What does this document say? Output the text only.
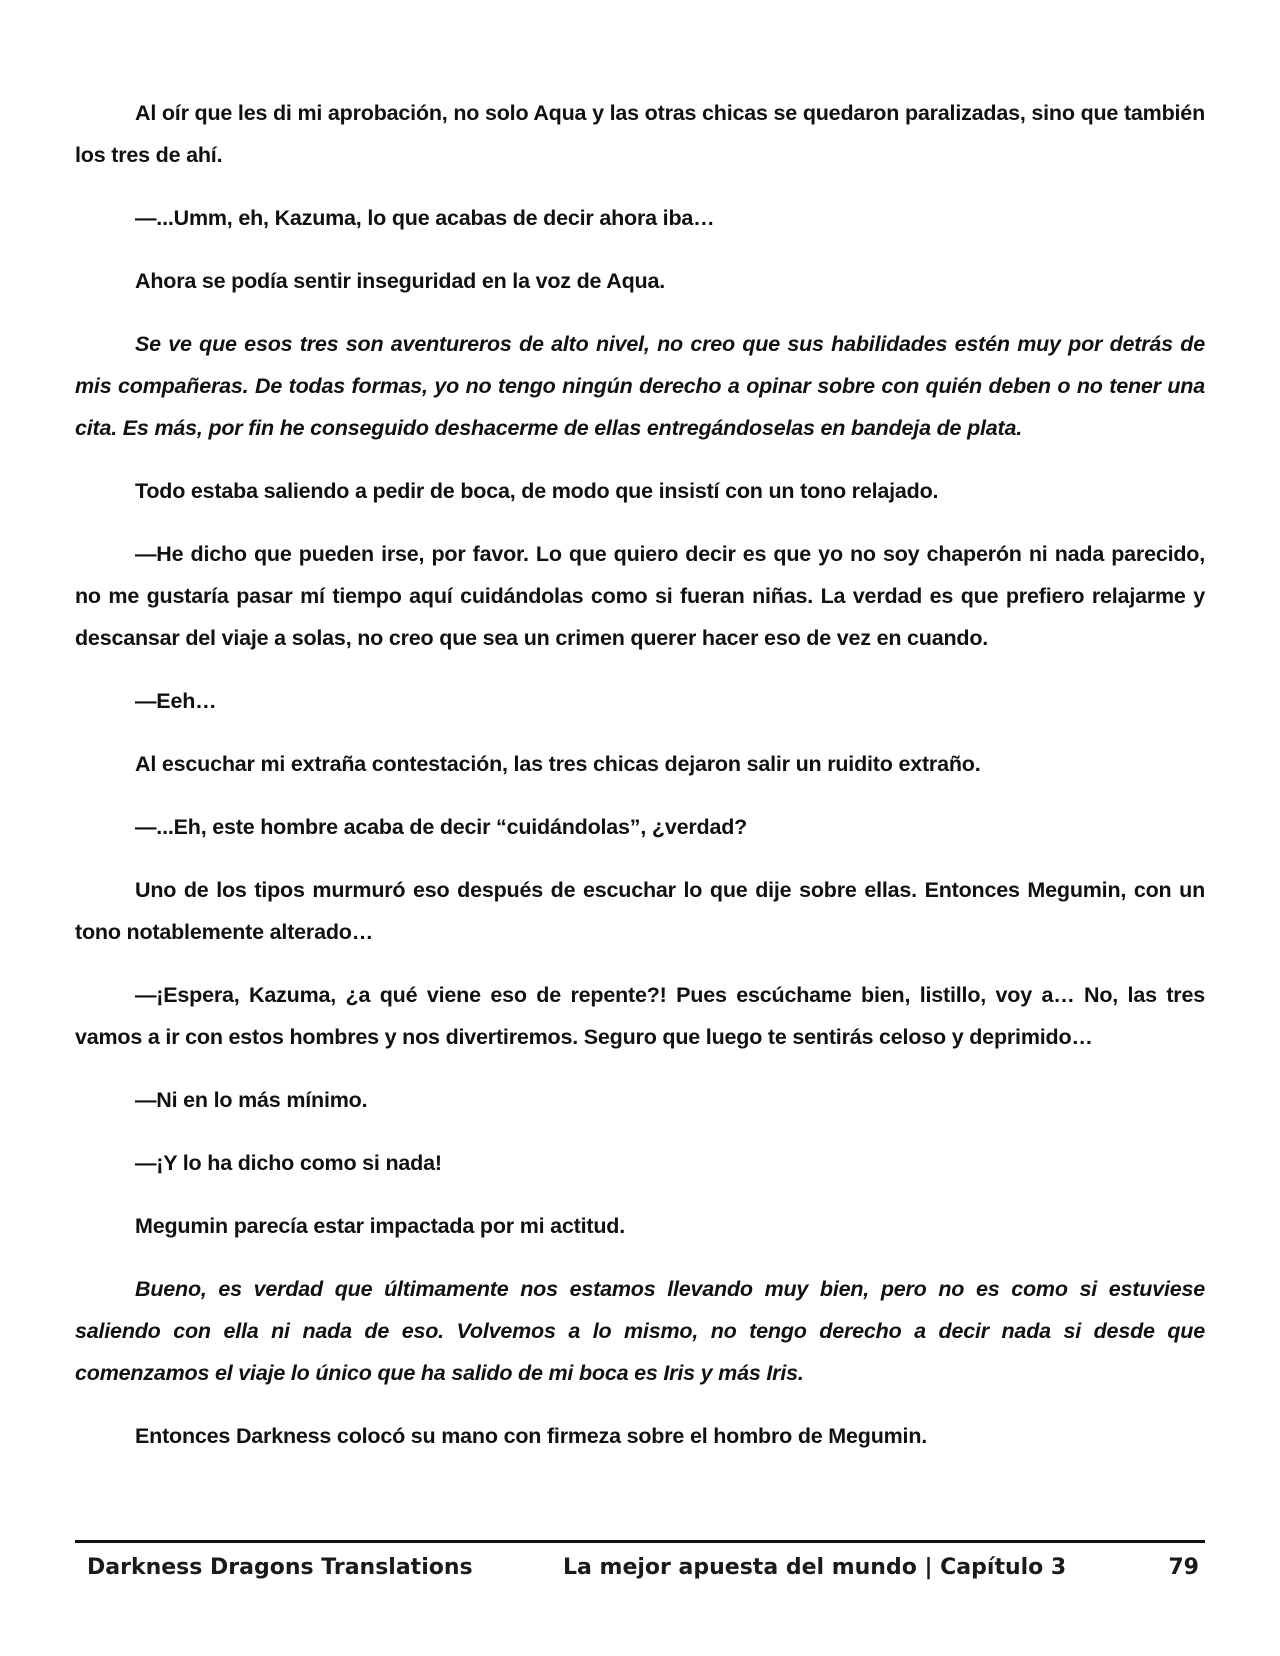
Al oír que les di mi aprobación, no solo Aqua y las otras chicas se quedaron paralizadas, sino que también los tres de ahí.

—...Umm, eh, Kazuma, lo que acabas de decir ahora iba…

Ahora se podía sentir inseguridad en la voz de Aqua.

Se ve que esos tres son aventureros de alto nivel, no creo que sus habilidades estén muy por detrás de mis compañeras. De todas formas, yo no tengo ningún derecho a opinar sobre con quién deben o no tener una cita. Es más, por fin he conseguido deshacerme de ellas entregándoselas en bandeja de plata.

Todo estaba saliendo a pedir de boca, de modo que insistí con un tono relajado.

—He dicho que pueden irse, por favor. Lo que quiero decir es que yo no soy chaperón ni nada parecido, no me gustaría pasar mí tiempo aquí cuidándolas como si fueran niñas. La verdad es que prefiero relajarme y descansar del viaje a solas, no creo que sea un crimen querer hacer eso de vez en cuando.

—Eeh…

Al escuchar mi extraña contestación, las tres chicas dejaron salir un ruidito extraño.

—...Eh, este hombre acaba de decir “cuidándolas”, ¿verdad?

Uno de los tipos murmuró eso después de escuchar lo que dije sobre ellas. Entonces Megumin, con un tono notablemente alterado…

—¡Espera, Kazuma, ¿a qué viene eso de repente?! Pues escúchame bien, listillo, voy a… No, las tres vamos a ir con estos hombres y nos divertiremos. Seguro que luego te sentirás celoso y deprimido…

—Ni en lo más mínimo.

—¡Y lo ha dicho como si nada!

Megumin parecía estar impactada por mi actitud.

Bueno, es verdad que últimamente nos estamos llevando muy bien, pero no es como si estuviese saliendo con ella ni nada de eso. Volvemos a lo mismo, no tengo derecho a decir nada si desde que comenzamos el viaje lo único que ha salido de mi boca es Iris y más Iris.

Entonces Darkness colocó su mano con firmeza sobre el hombro de Megumin.

Darkness Dragons Translations	La mejor apuesta del mundo | Capítulo 3	79
